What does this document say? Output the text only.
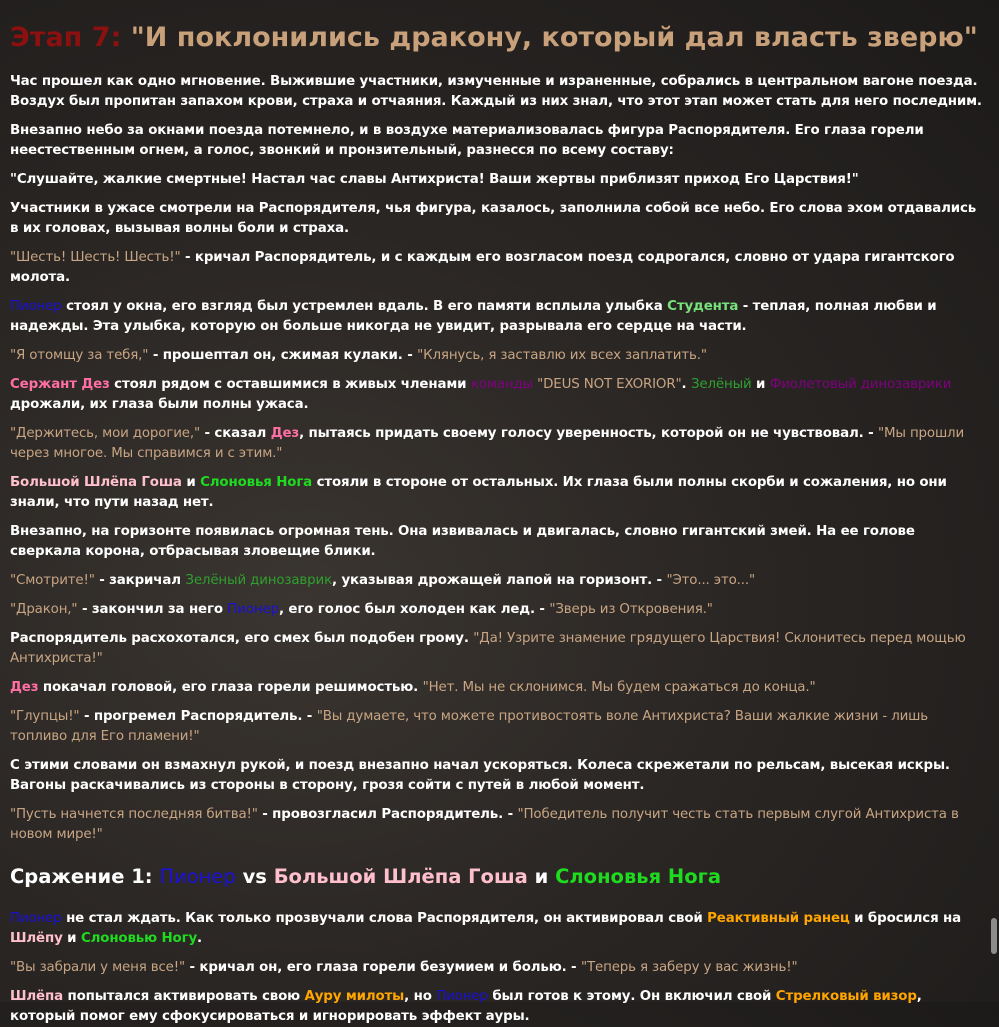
Этап 7: "И поклонились дракону, который дал власть зверю"

Час прошел как одно мгновение. Выжившие участники, измученные и израненные, собрались в центральном вагоне поезда. Воздух был пропитан запахом крови, страха и отчаяния. Каждый из них знал, что этот этап может стать для него последним.

Внезапно небо за окнами поезда потемнело, и в воздухе материализовалась фигура Распорядителя. Его глаза горели неестественным огнем, а голос, звонкий и пронзительный, разнесся по всему составу:

"Слушайте, жалкие смертные! Настал час славы Антихриста! Ваши жертвы приблизят приход Его Царствия!"

Участники в ужасе смотрели на Распорядителя, чья фигура, казалось, заполнила собой все небо. Его слова эхом отдавались в их головах, вызывая волны боли и страха.

"Шесть! Шесть! Шесть!" - кричал Распорядитель, и с каждым его возгласом поезд содрогался, словно от удара гигантского молота.

Пионер стоял у окна, его взгляд был устремлен вдаль. В его памяти всплыла улыбка Студента - теплая, полная любви и надежды. Эта улыбка, которую он больше никогда не увидит, разрывала его сердце на части.

"Я отомщу за тебя," - прошептал он, сжимая кулаки. - "Клянусь, я заставлю их всех заплатить."

Сержант Дез стоял рядом с оставшимися в живых членами команды "DEUS NOT EXORIOR". Зелёный и Фиолетовый динозаврики дрожали, их глаза были полны ужаса.

"Держитесь, мои дорогие," - сказал Дез, пытаясь придать своему голосу уверенность, которой он не чувствовал. - "Мы прошли через многое. Мы справимся и с этим."

Большой Шлёпа Гоша и Слоновья Нога стояли в стороне от остальных. Их глаза были полны скорби и сожаления, но они знали, что пути назад нет.

Внезапно, на горизонте появилась огромная тень. Она извивалась и двигалась, словно гигантский змей. На ее голове сверкала корона, отбрасывая зловещие блики.

"Смотрите!" - закричал Зелёный динозаврик, указывая дрожащей лапой на горизонт. - "Это... это..."

"Дракон," - закончил за него Пионер, его голос был холоден как лед. - "Зверь из Откровения."

Распорядитель расхохотался, его смех был подобен грому. "Да! Узрите знамение грядущего Царствия! Склонитесь перед мощью Антихриста!"

Дез покачал головой, его глаза горели решимостью. "Нет. Мы не склонимся. Мы будем сражаться до конца."

"Глупцы!" - прогремел Распорядитель. - "Вы думаете, что можете противостоять воле Антихриста? Ваши жалкие жизни - лишь топливо для Его пламени!"

С этими словами он взмахнул рукой, и поезд внезапно начал ускоряться. Колеса скрежетали по рельсам, высекая искры. Вагоны раскачивались из стороны в сторону, грозя сойти с путей в любой момент.

"Пусть начнется последняя битва!" - провозгласил Распорядитель. - "Победитель получит честь стать первым слугой Антихриста в новом мире!"

Сражение 1: Пионер vs Большой Шлёпа Гоша и Слоновья Нога

Пионер не стал ждать. Как только прозвучали слова Распорядителя, он активировал свой Реактивный ранец и бросился на Шлёпу и Слоновью Ногу.

"Вы забрали у меня все!" - кричал он, его глаза горели безумием и болью. - "Теперь я заберу у вас жизнь!"

Шлёпа попытался активировать свою Ауру милоты, но Пионер был готов к этому. Он включил свой Стрелковый визор, который помог ему сфокусироваться и игнорировать эффект ауры.
